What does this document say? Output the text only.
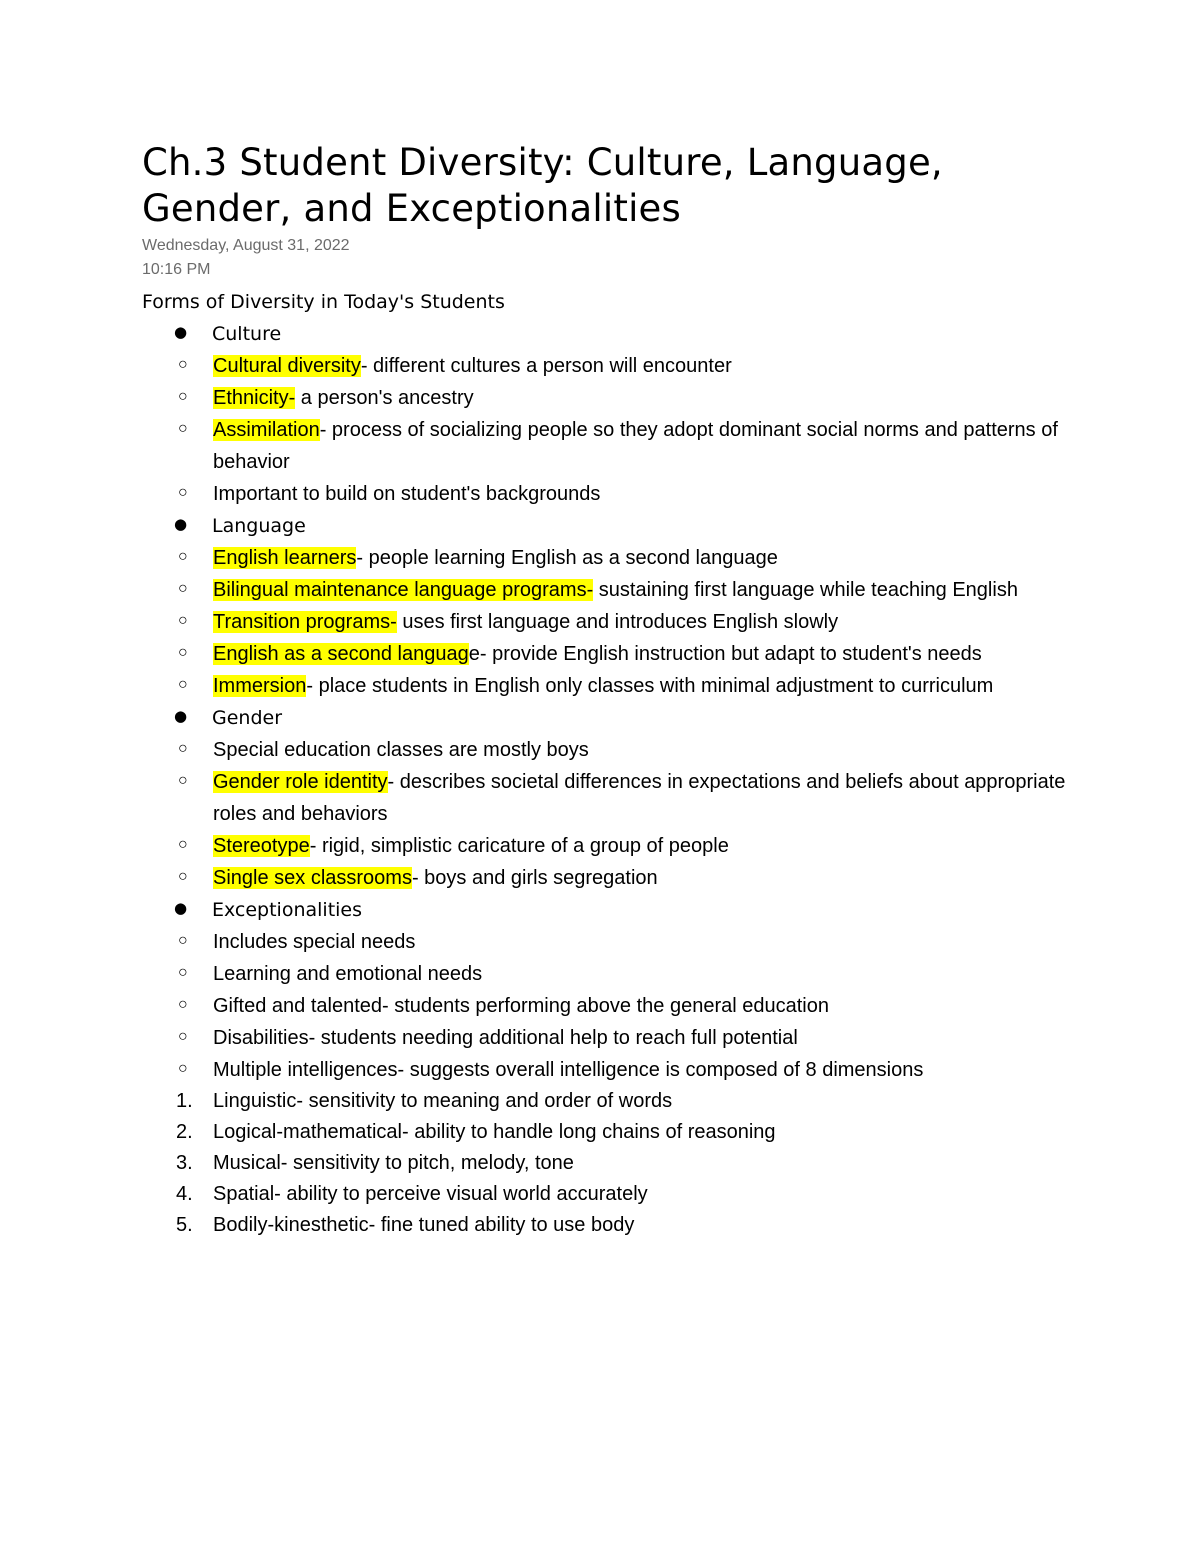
Ch.3 Student Diversity: Culture, Language, Gender, and Exceptionalities
Wednesday, August 31, 2022
10:16 PM
Forms of Diversity in Today's Students
● Culture
○ Cultural diversity- different cultures a person will encounter
○ Ethnicity- a person's ancestry
○ Assimilation- process of socializing people so they adopt dominant social norms and patterns of behavior
○ Important to build on student's backgrounds
● Language
○ English learners- people learning English as a second language
○ Bilingual maintenance language programs- sustaining first language while teaching English
○ Transition programs- uses first language and introduces English slowly
○ English as a second language- provide English instruction but adapt to student's needs
○ Immersion- place students in English only classes with minimal adjustment to curriculum
● Gender
○ Special education classes are mostly boys
○ Gender role identity- describes societal differences in expectations and beliefs about appropriate roles and behaviors
○ Stereotype- rigid, simplistic caricature of a group of people
○ Single sex classrooms- boys and girls segregation
● Exceptionalities
○ Includes special needs
○ Learning and emotional needs
○ Gifted and talented- students performing above the general education
○ Disabilities- students needing additional help to reach full potential
○ Multiple intelligences- suggests overall intelligence is composed of 8 dimensions
1. Linguistic- sensitivity to meaning and order of words
2. Logical-mathematical- ability to handle long chains of reasoning
3. Musical- sensitivity to pitch, melody, tone
4. Spatial- ability to perceive visual world accurately
5. Bodily-kinesthetic- fine tuned ability to use body
